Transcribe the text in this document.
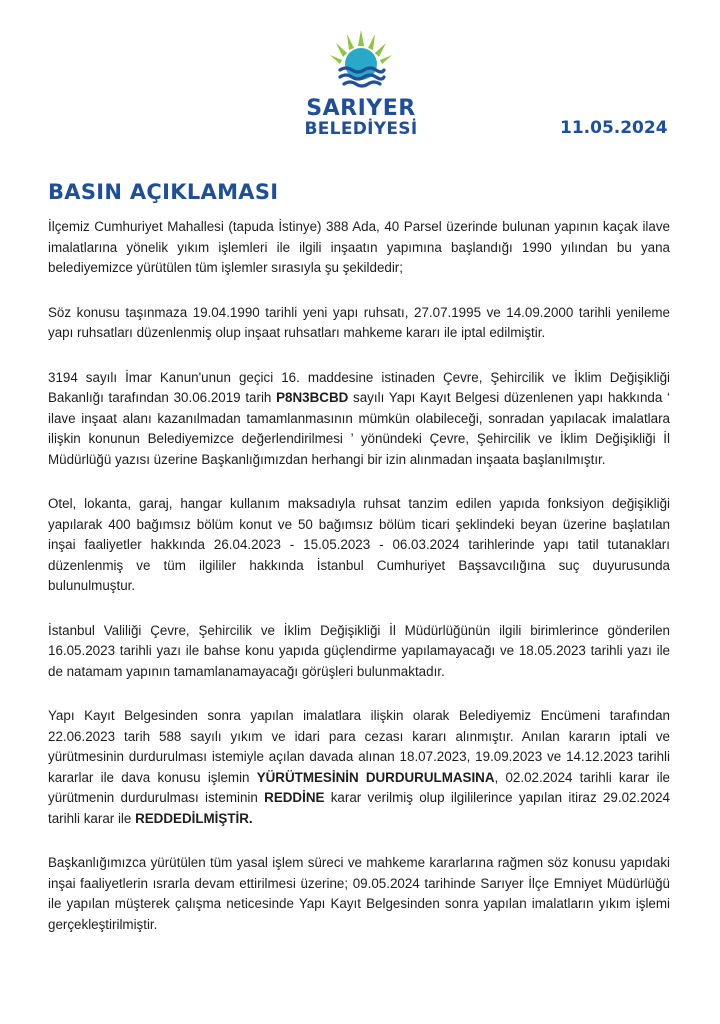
SARIYER
BELEDİYESİ	11.05.2024
BASIN AÇIKLAMASI

İlçemiz Cumhuriyet Mahallesi (tapuda İstinye) 388 Ada, 40 Parsel üzerinde bulunan yapının kaçak ilave imalatlarına yönelik yıkım işlemleri ile ilgili inşaatın yapımına başlandığı 1990 yılından bu yana belediyemizce yürütülen tüm işlemler sırasıyla şu şekildedir;

Söz konusu taşınmaza 19.04.1990 tarihli yeni yapı ruhsatı, 27.07.1995 ve 14.09.2000 tarihli yenileme yapı ruhsatları düzenlenmiş olup inşaat ruhsatları mahkeme kararı ile iptal edilmiştir.

3194 sayılı İmar Kanun'unun geçici 16. maddesine istinaden Çevre, Şehircilik ve İklim Değişikliği Bakanlığı tarafından 30.06.2019 tarih P8N3BCBD sayılı Yapı Kayıt Belgesi düzenlenen yapı hakkında ‘ ilave inşaat alanı kazanılmadan tamamlanmasının mümkün olabileceği, sonradan yapılacak imalatlara ilişkin konunun Belediyemizce değerlendirilmesi ’ yönündeki Çevre, Şehircilik ve İklim Değişikliği İl Müdürlüğü yazısı üzerine Başkanlığımızdan herhangi bir izin alınmadan inşaata başlanılmıştır.

Otel, lokanta, garaj, hangar kullanım maksadıyla ruhsat tanzim edilen yapıda fonksiyon değişikliği yapılarak 400 bağımsız bölüm konut ve 50 bağımsız bölüm ticari şeklindeki beyan üzerine başlatılan inşai faaliyetler hakkında 26.04.2023 - 15.05.2023 - 06.03.2024 tarihlerinde yapı tatil tutanakları düzenlenmiş ve tüm ilgililer hakkında İstanbul Cumhuriyet Başsavcılığına suç duyurusunda bulunulmuştur.

İstanbul Valiliği Çevre, Şehircilik ve İklim Değişikliği İl Müdürlüğünün ilgili birimlerince gönderilen 16.05.2023 tarihli yazı ile bahse konu yapıda güçlendirme yapılamayacağı ve 18.05.2023 tarihli yazı ile de natamam yapının tamamlanamayacağı görüşleri bulunmaktadır.

Yapı Kayıt Belgesinden sonra yapılan imalatlara ilişkin olarak Belediyemiz Encümeni tarafından 22.06.2023 tarih 588 sayılı yıkım ve idari para cezası kararı alınmıştır. Anılan kararın iptali ve yürütmesinin durdurulması istemiyle açılan davada alınan 18.07.2023, 19.09.2023 ve 14.12.2023 tarihli kararlar ile dava konusu işlemin YÜRÜTMESİNİN DURDURULMASINA, 02.02.2024 tarihli karar ile yürütmenin durdurulması isteminin REDDİNE karar verilmiş olup ilgililerince yapılan itiraz 29.02.2024 tarihli karar ile REDDEDİLMİŞTİR.

Başkanlığımızca yürütülen tüm yasal işlem süreci ve mahkeme kararlarına rağmen söz konusu yapıdaki inşai faaliyetlerin ısrarla devam ettirilmesi üzerine; 09.05.2024 tarihinde Sarıyer İlçe Emniyet Müdürlüğü ile yapılan müşterek çalışma neticesinde Yapı Kayıt Belgesinden sonra yapılan imalatların yıkım işlemi gerçekleştirilmiştir.
